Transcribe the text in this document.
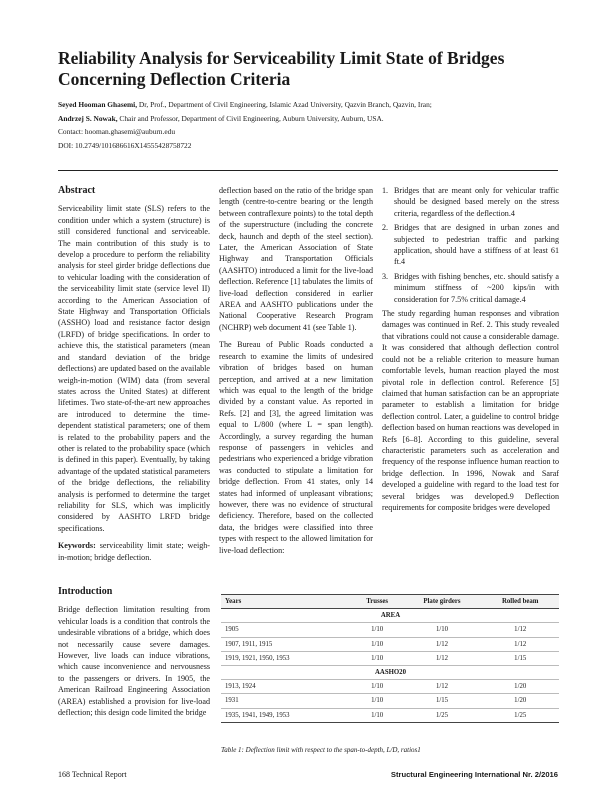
Reliability Analysis for Serviceability Limit State of Bridges Concerning Deflection Criteria
Seyed Hooman Ghasemi, Dr, Prof., Department of Civil Engineering, Islamic Azad University, Qazvin Branch, Qazvin, Iran;
Andrzej S. Nowak, Chair and Professor, Department of Civil Engineering, Auburn University, Auburn, USA.
Contact: hooman.ghasemi@auburn.edu
DOI: 10.2749/101686616X14555428758722
Abstract

Serviceability limit state (SLS) refers to the condition under which a system (structure) is still considered functional and serviceable. The main contribution of this study is to develop a procedure to perform the reliability analysis for steel girder bridge deflections due to vehicular loading with the consideration of the serviceability limit state (service level II) according to the American Association of State Highway and Transportation Officials (ASSHO) load and resistance factor design (LRFD) of bridge specifications. In order to achieve this, the statistical parameters (mean and standard deviation of the bridge deflections) are updated based on the available weigh-in-motion (WIM) data (from several states across the United States) at different lifetimes. Two state-of-the-art new approaches are introduced to determine the time-dependent statistical parameters; one of them is related to the probability papers and the other is related to the probability space (which is defined in this paper). Eventually, by taking advantage of the updated statistical parameters of the bridge deflections, the reliability analysis is performed to determine the target reliability for SLS, which was implicitly considered by AASHTO LRFD bridge specifications.

Keywords: serviceability limit state; weigh-in-motion; bridge deflection.

Introduction

Bridge deflection limitation resulting from vehicular loads is a condition that controls the undesirable vibrations of a bridge, which does not necessarily cause severe damages. However, live loads can induce vibrations, which cause inconvenience and nervousness to the passengers or drivers. In 1905, the American Railroad Engineering Association (AREA) established a provision for live-load deflection; this design code limited the bridge

deflection based on the ratio of the bridge span length (centre-to-centre bearing or the length between contraflexure points) to the total depth of the superstructure (including the concrete deck, haunch and depth of the steel section). Later, the American Association of State Highway and Transportation Officials (AASHTO) introduced a limit for the live-load deflection. Reference [1] tabulates the limits of live-load deflection considered in earlier AREA and AASHTO publications under the National Cooperative Research Program (NCHRP) web document 41 (see Table 1).

The Bureau of Public Roads conducted a research to examine the limits of undesired vibration of bridges based on human perception, and arrived at a new limitation which was equal to the length of the bridge divided by a constant value. As reported in Refs. [2] and [3], the agreed limitation was equal to L/800 (where L = span length). Accordingly, a survey regarding the human response of passengers in vehicles and pedestrians who experienced a bridge vibration was conducted to stipulate a limitation for bridge deflection. From 41 states, only 14 states had informed of unpleasant vibrations; however, there was no evidence of structural deficiency. Therefore, based on the collected data, the bridges were classified into three types with respect to the allowed limitation for live-load deflection:

1. Bridges that are meant only for vehicular traffic should be designed based merely on the stress criteria, regardless of the deflection.4
2. Bridges that are designed in urban zones and subjected to pedestrian traffic and parking application, should have a stiffness of at least 61 ft.4
3. Bridges with fishing benches, etc. should satisfy a minimum stiffness of ~200 kips/in with consideration for 7.5% critical damage.4

The study regarding human responses and vibration damages was continued in Ref. 2. This study revealed that vibrations could not cause a considerable damage. It was considered that although deflection control could not be a reliable criterion to measure human comfortable levels, human reaction played the most pivotal role in deflection control. Reference [5] claimed that human satisfaction can be an appropriate parameter to establish a limitation for bridge deflection control. Later, a guideline to control bridge deflection based on human reactions was developed in Refs [6–8]. According to this guideline, several characteristic parameters such as acceleration and frequency of the response influence human reaction to bridge deflection. In 1996, Nowak and Saraf developed a guideline with regard to the load test for several bridges was developed.9 Deflection requirements for composite bridges were developed

Years	Trusses	Plate girders	Rolled beam
AREA			
1905	1/10	1/10	1/12
1907, 1911, 1915	1/10	1/12	1/12
1919, 1921, 1950, 1953	1/10	1/12	1/15
AASHO20			
1913, 1924	1/10	1/12	1/20
1931	1/10	1/15	1/20
1935, 1941, 1949, 1953	1/10	1/25	1/25
Table 1: Deflection limit with respect to the span-to-depth, L/D, ratios1
168 Technical Report	Structural Engineering International Nr. 2/2016
